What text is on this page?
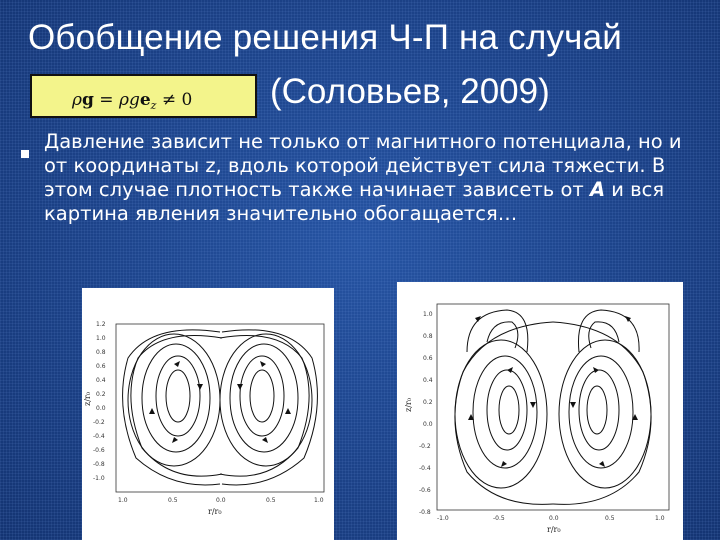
Обобщение решения Ч-П на случай
ρg = ρge$_z$ ≠ 0 (Соловьев, 2009)
Давление зависит не только от магнитного потенциала, но и от координаты z, вдоль которой действует сила тяжести. В этом случае плотность также начинает зависеть от A и вся картина явления значительно обогащается…
1.2
1.0
0.8
0.6
0.4
0.2
0.0
-0.2
-0.4
-0.6
-0.8
-1.0
z/r₀
1.0	0.5	0.0	0.5	1.0
r/r₀
1.0
0.8
0.6
0.4
0.2
0.0
-0.2
-0.4
-0.6
-0.8
z/r₀
-1.0	-0.5	0.0	0.5	1.0
r/r₀
